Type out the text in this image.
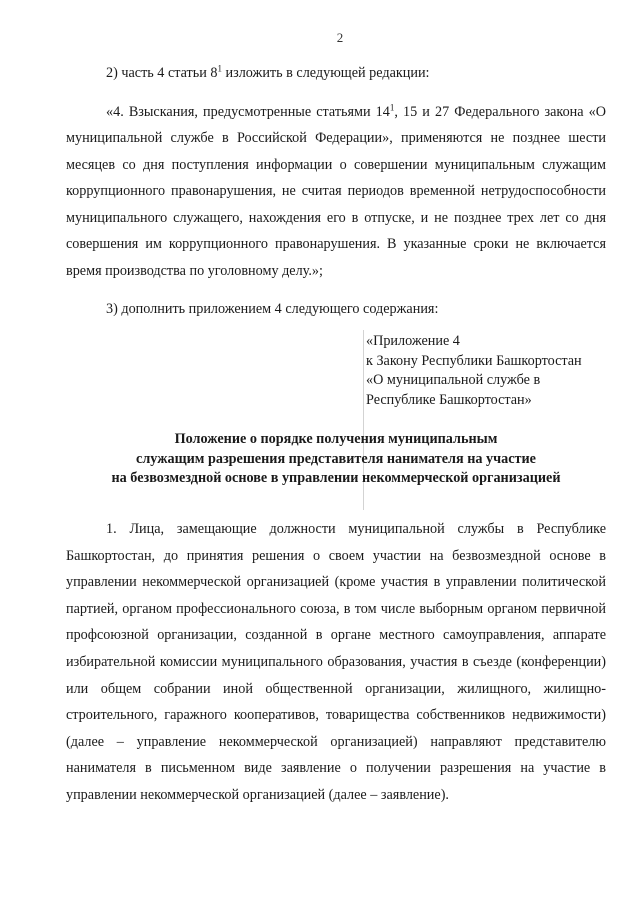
2

2) часть 4 статьи $8^1$ изложить в следующей редакции:

«4. Взыскания, предусмотренные статьями $14^1$, 15 и 27 Федерального закона «О муниципальной службе в Российской Федерации», применяются не позднее шести месяцев со дня поступления информации о совершении муниципальным служащим коррупционного правонарушения, не считая периодов временной нетрудоспособности муниципального служащего, нахождения его в отпуске, и не позднее трех лет со дня совершения им коррупционного правонарушения. В указанные сроки не включается время производства по уголовному делу.»;

3) дополнить приложением 4 следующего содержания:

«Приложение 4
к Закону Республики Башкортостан
«О муниципальной службе в
Республике Башкортостан»
Положение о порядке получения муниципальным
служащим разрешения представителя нанимателя на участие
на безвозмездной основе в управлении некоммерческой организацией

1. Лица, замещающие должности муниципальной службы в Республике Башкортостан, до принятия решения о своем участии на безвозмездной основе в управлении некоммерческой организацией (кроме участия в управлении политической партией, органом профессионального союза, в том числе выборным органом первичной профсоюзной организации, созданной в органе местного самоуправления, аппарате избирательной комиссии муниципального образования, участия в съезде (конференции) или общем собрании иной общественной организации, жилищного, жилищно-строительного, гаражного кооперативов, товарищества собственников недвижимости) (далее – управление некоммерческой организацией) направляют представителю нанимателя в письменном виде заявление о получении разрешения на участие в управлении некоммерческой организацией (далее – заявление).
